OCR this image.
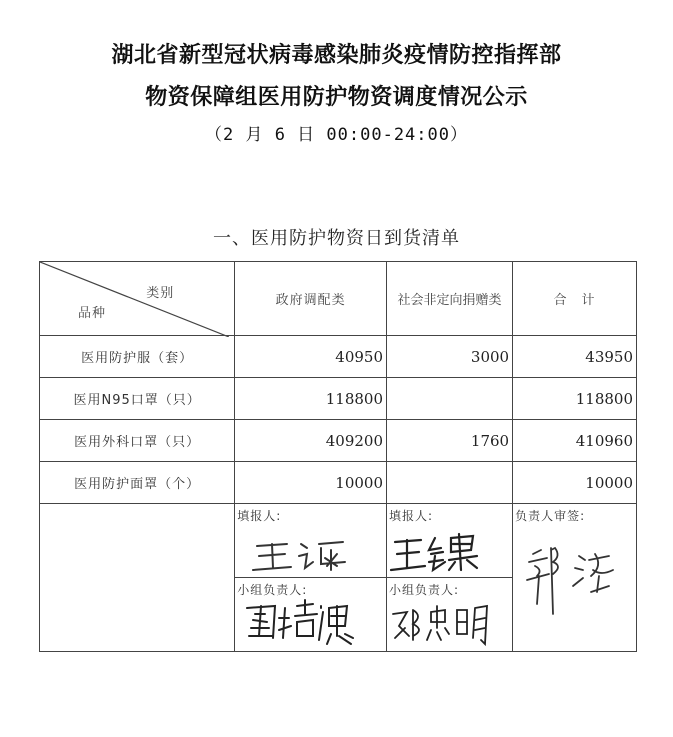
湖北省新型冠状病毒感染肺炎疫情防控指挥部
物资保障组医用防护物资调度情况公示
（2 月 6 日 00:00-24:00）
一、医用防护物资日到货清单
类别
品种	政府调配类	社会非定向捐赠类	合　计
医用防护服（套）	40950	3000	43950
医用N95口罩（只）	118800		118800
医用外科口罩（只）	409200	1760	410960
医用防护面罩（个）	10000		10000

	填报人:	填报人:	负责人审签:

	小组负责人:	小组负责人:	
